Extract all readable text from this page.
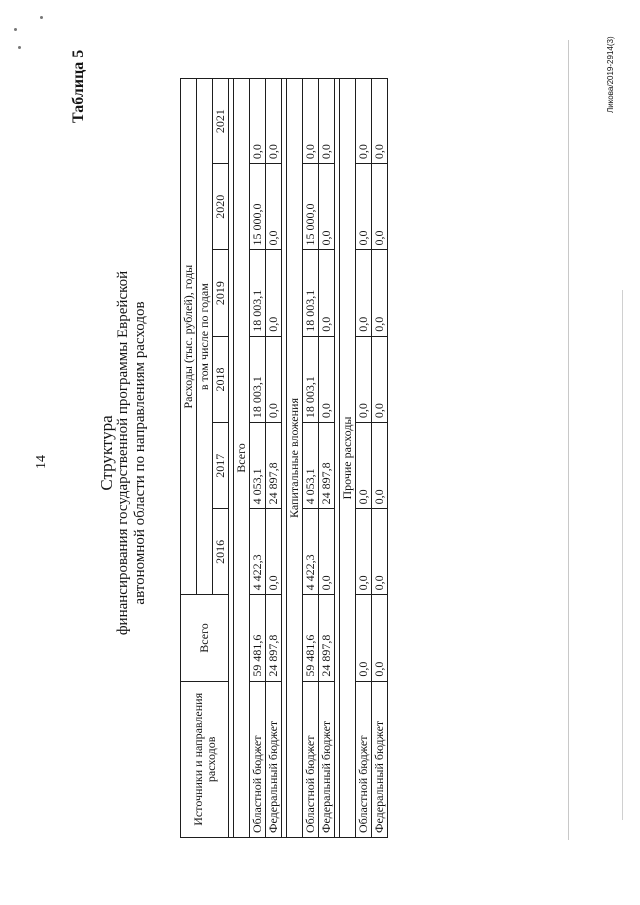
14
Таблица 5
Структура финансирования государственной программы Еврейской автономной области по направлениям расходов
Источники и направления расходов	Всего	Расходы (тыс. рублей), годы					
		в том числе по годам					
		2016	2017	2018	2019	2020	2021

Всего							
Областной бюджет	59 481,6	4 422,3	4 053,1	18 003,1	18 003,1	15 000,0	0,0
Федеральный бюджет	24 897,8	0,0	24 897,8	0,0	0,0	0,0	0,0

Капитальные вложения							
Областной бюджет	59 481,6	4 422,3	4 053,1	18 003,1	18 003,1	15 000,0	0,0
Федеральный бюджет	24 897,8	0,0	24 897,8	0,0	0,0	0,0	0,0

Прочие расходы							
Областной бюджет	0,0	0,0	0,0	0,0	0,0	0,0	0,0
Федеральный бюджет	0,0	0,0	0,0	0,0	0,0	0,0	0,0
Ликова/2019-2914(3)
